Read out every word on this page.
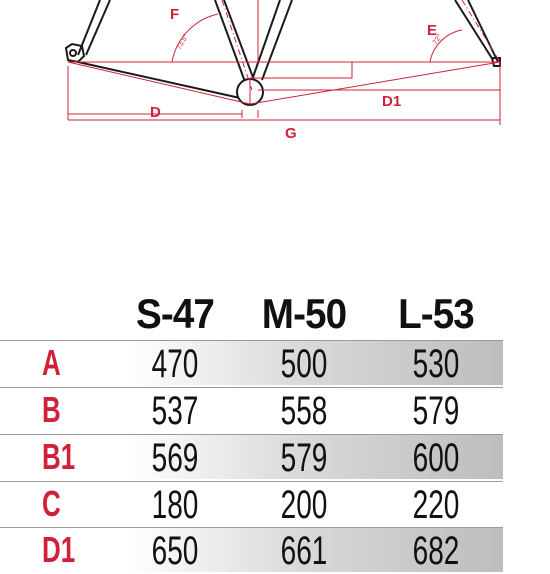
F
E
D
D1
G
73.5°	72°
S-47	M-50	L-53
A	470	500	530
B	537	558	579
B1	569	579	600
C	180	200	220
D1	650	661	682
